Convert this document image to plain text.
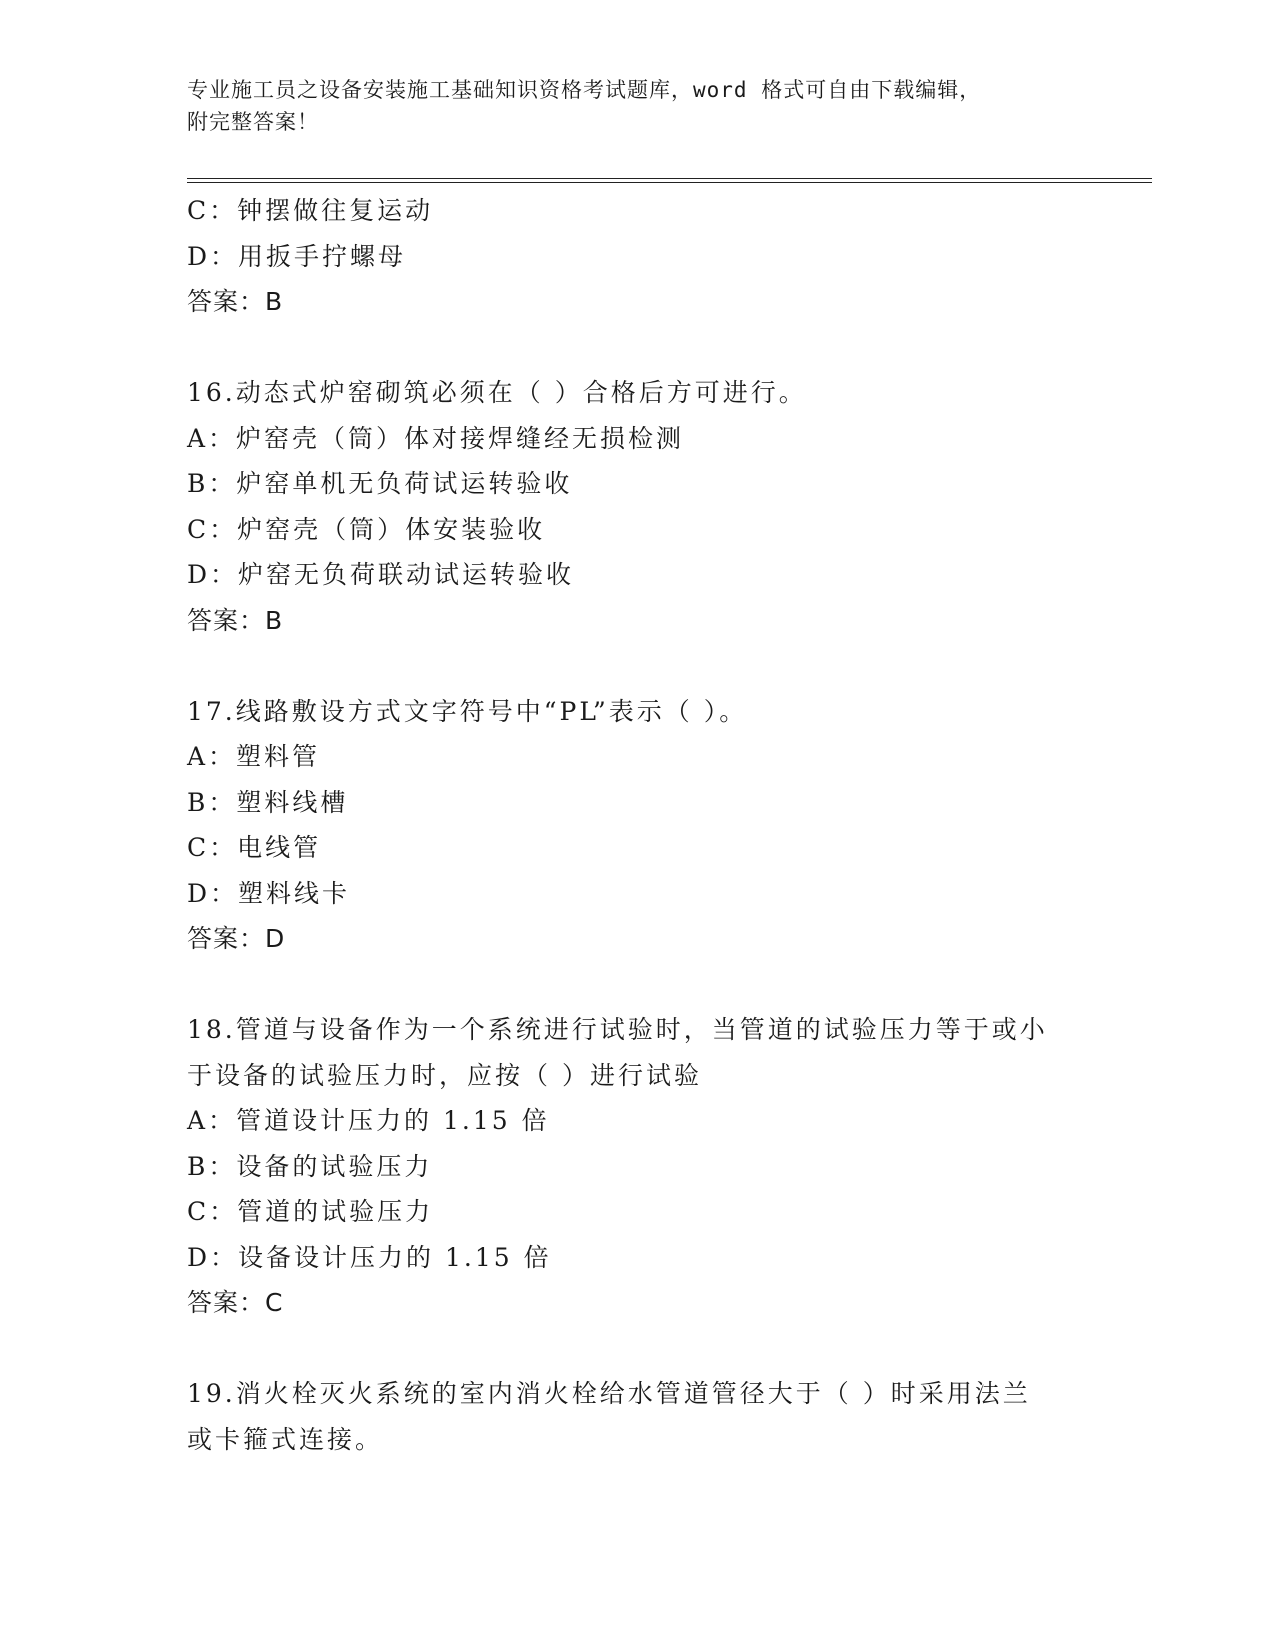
专业施工员之设备安装施工基础知识资格考试题库，word 格式可自由下载编辑，
附完整答案！
C：钟摆做往复运动
D：用扳手拧螺母
答案：B
16.动态式炉窑砌筑必须在（ ）合格后方可进行。
A：炉窑壳（筒）体对接焊缝经无损检测
B：炉窑单机无负荷试运转验收
C：炉窑壳（筒）体安装验收
D：炉窑无负荷联动试运转验收
答案：B
17.线路敷设方式文字符号中“PL”表示（ ）。
A：塑料管
B：塑料线槽
C：电线管
D：塑料线卡
答案：D
18.管道与设备作为一个系统进行试验时，当管道的试验压力等于或小
于设备的试验压力时，应按（ ）进行试验
A：管道设计压力的 1.15 倍
B：设备的试验压力
C：管道的试验压力
D：设备设计压力的 1.15 倍
答案：C
19.消火栓灭火系统的室内消火栓给水管道管径大于（ ）时采用法兰
或卡箍式连接。
